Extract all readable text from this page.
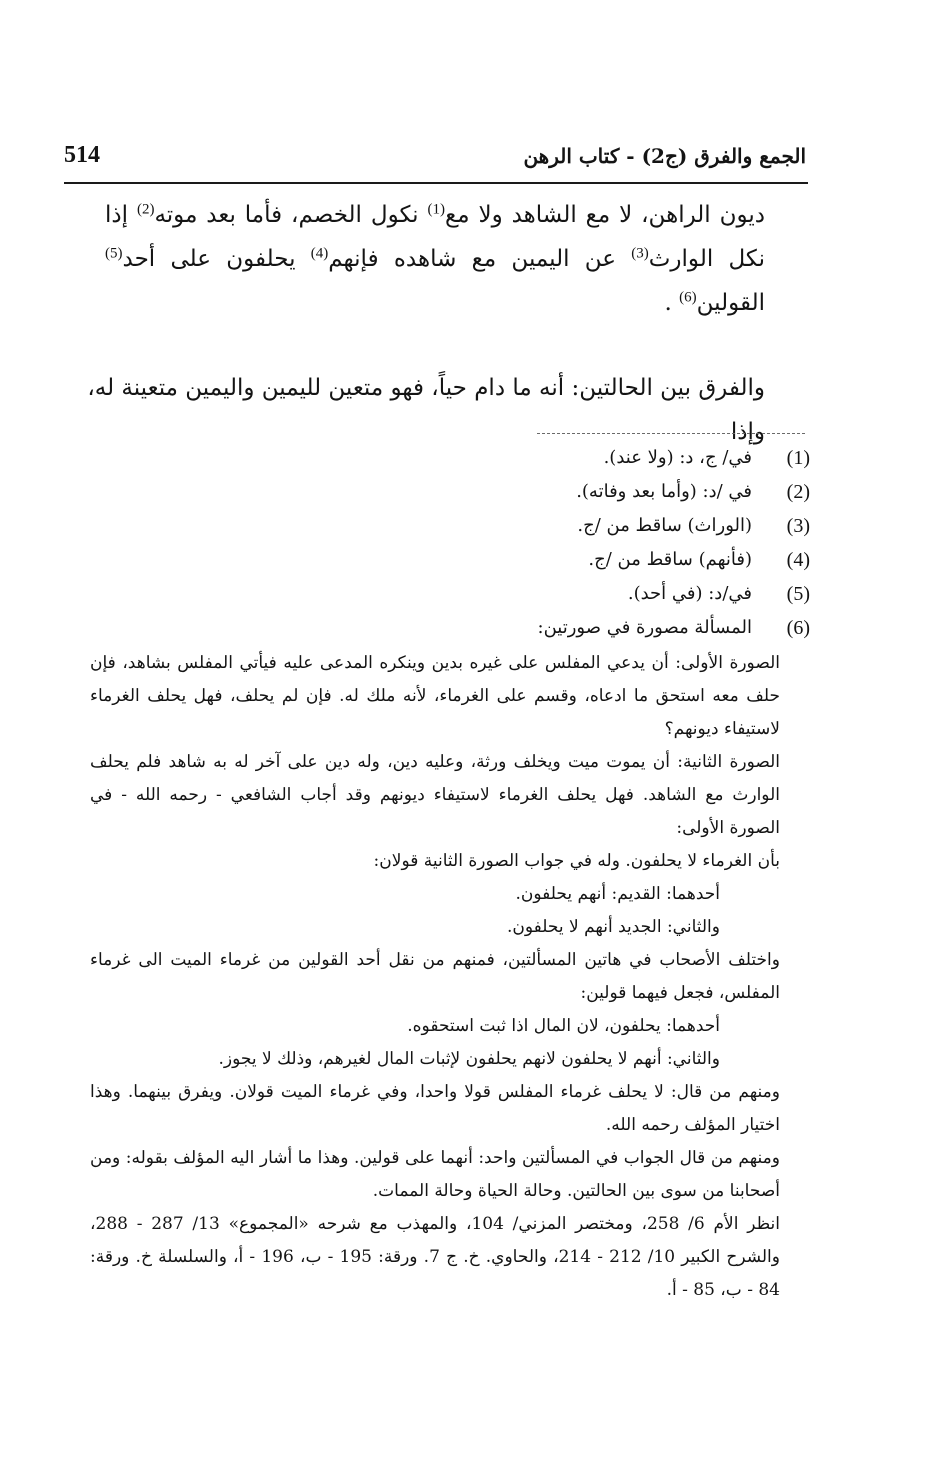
514	الجمع والفرق (ج2) - كتاب الرهن
ديون الراهن، لا مع الشاهد ولا مع$^{(1)}$ نكول الخصم، فأما بعد موته$^{(2)}$ إذا نكل الوارث$^{(3)}$ عن اليمين مع شاهده فإنهم$^{(4)}$ يحلفون على أحد$^{(5)}$ القولين$^{(6)}$ .
والفرق بين الحالتين: أنه ما دام حياً، فهو متعين لليمين واليمين متعينة له، وإذا
(1)
في/ ج، د: (ولا عند).
(2)
في /د: (وأما بعد وفاته).
(3)
(الوراث) ساقط من /ج.
(4)
(فأنهم) ساقط من /ج.
(5)
في/د: (في أحد).
(6)
المسألة مصورة في صورتين:

الصورة الأولى: أن يدعي المفلس على غيره بدين وينكره المدعى عليه فيأتي المفلس بشاهد، فإن حلف معه استحق ما ادعاه، وقسم على الغرماء، لأنه ملك له. فإن لم يحلف، فهل يحلف الغرماء لاستيفاء ديونهم؟

الصورة الثانية: أن يموت ميت ويخلف ورثة، وعليه دين، وله دين على آخر له به شاهد فلم يحلف الوارث مع الشاهد. فهل يحلف الغرماء لاستيفاء ديونهم وقد أجاب الشافعي - رحمه الله - في الصورة الأولى:

بأن الغرماء لا يحلفون. وله في جواب الصورة الثانية قولان:

أحدهما: القديم: أنهم يحلفون.

والثاني: الجديد أنهم لا يحلفون.

واختلف الأصحاب في هاتين المسألتين، فمنهم من نقل أحد القولين من غرماء الميت الى غرماء المفلس، فجعل فيهما قولين:

أحدهما: يحلفون، لان المال اذا ثبت استحقوه.

والثاني: أنهم لا يحلفون لانهم يحلفون لإثبات المال لغيرهم، وذلك لا يجوز.

ومنهم من قال: لا يحلف غرماء المفلس قولا واحدا، وفي غرماء الميت قولان. ويفرق بينهما. وهذا اختيار المؤلف رحمه الله.

ومنهم من قال الجواب في المسألتين واحد: أنهما على قولين. وهذا ما أشار اليه المؤلف بقوله: ومن أصحابنا من سوى بين الحالتين. وحالة الحياة وحالة الممات.

انظر الأم 6/ 258، ومختصر المزني/ 104، والمهذب مع شرحه «المجموع» 13/ 287 - 288، والشرح الكبير 10/ 212 - 214، والحاوي. خ. ج 7. ورقة: 195 - ب، 196 - أ، والسلسلة خ. ورقة: 84 - ب، 85 - أ.
